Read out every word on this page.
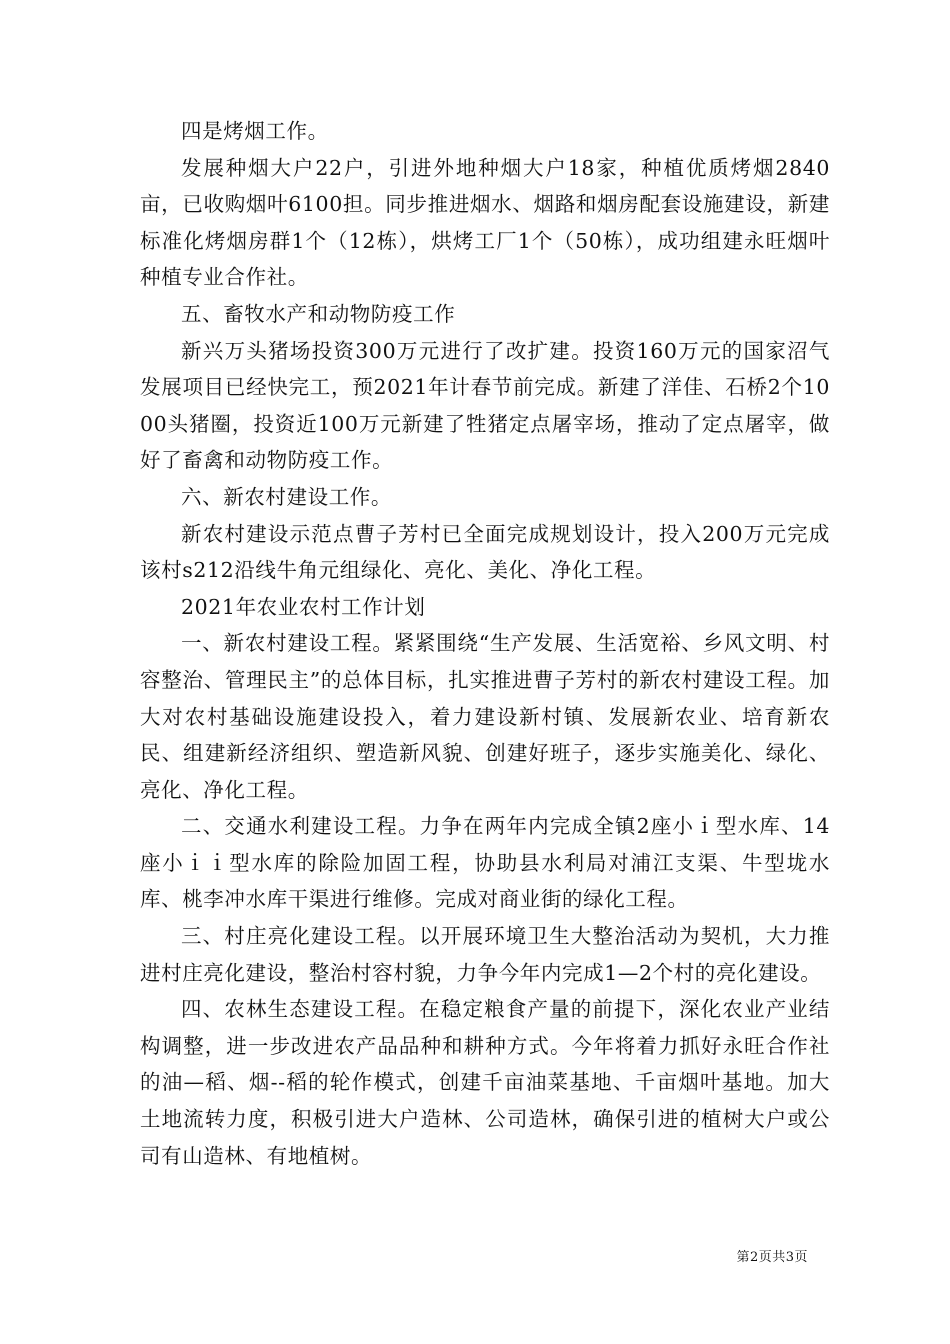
四是烤烟工作。

发展种烟大户22户，引进外地种烟大户18家，种植优质烤烟2840亩，已收购烟叶6100担。同步推进烟水、烟路和烟房配套设施建设，新建标准化烤烟房群1个（12栋），烘烤工厂1个（50栋），成功组建永旺烟叶种植专业合作社。

五、畜牧水产和动物防疫工作

新兴万头猪场投资300万元进行了改扩建。投资160万元的国家沼气发展项目已经快完工，预2021年计春节前完成。新建了洋佳、石桥2个1000头猪圈，投资近100万元新建了牲猪定点屠宰场，推动了定点屠宰，做好了畜禽和动物防疫工作。

六、新农村建设工作。

新农村建设示范点曹子芳村已全面完成规划设计，投入200万元完成该村s212沿线牛角元组绿化、亮化、美化、净化工程。

2021年农业农村工作计划

一、新农村建设工程。紧紧围绕“生产发展、生活宽裕、乡风文明、村容整治、管理民主”的总体目标，扎实推进曹子芳村的新农村建设工程。加大对农村基础设施建设投入，着力建设新村镇、发展新农业、培育新农民、组建新经济组织、塑造新风貌、创建好班子，逐步实施美化、绿化、亮化、净化工程。

二、交通水利建设工程。力争在两年内完成全镇2座小ｉ型水库、14座小ｉｉ型水库的除险加固工程，协助县水利局对浦江支渠、牛型垅水库、桃李冲水库干渠进行维修。完成对商业街的绿化工程。

三、村庄亮化建设工程。以开展环境卫生大整治活动为契机，大力推进村庄亮化建设，整治村容村貌，力争今年内完成1—2个村的亮化建设。

四、农林生态建设工程。在稳定粮食产量的前提下，深化农业产业结构调整，进一步改进农产品品种和耕种方式。今年将着力抓好永旺合作社的油—稻、烟--稻的轮作模式，创建千亩油菜基地、千亩烟叶基地。加大土地流转力度，积极引进大户造林、公司造林，确保引进的植树大户或公司有山造林、有地植树。

第2页共3页
